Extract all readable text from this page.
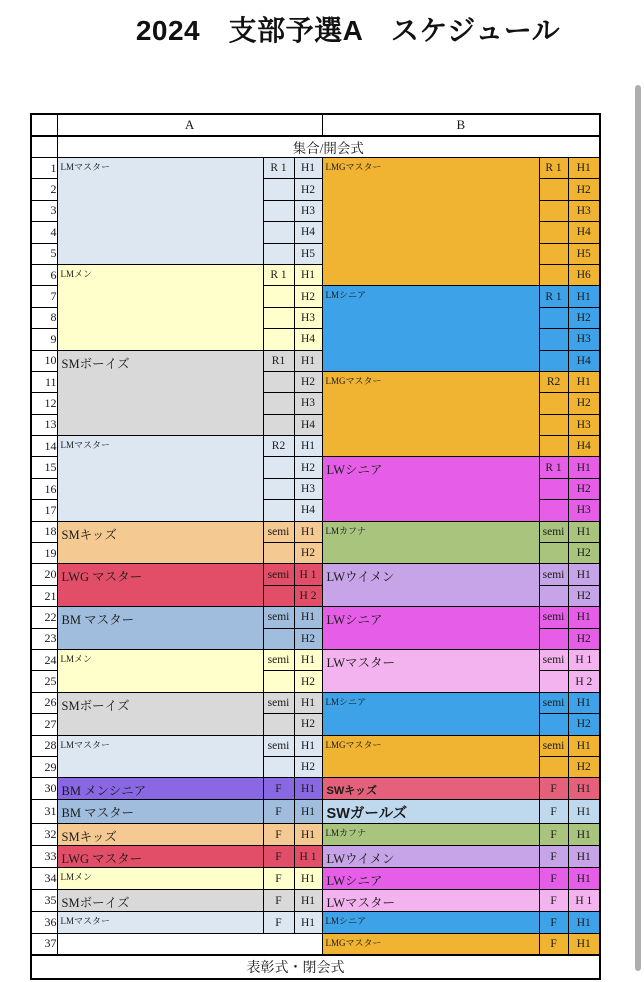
2024　支部予選A　スケジュール
	A			B		
	集合/開会式					
1	LMマスター	R 1	H1	LMGマスター	R 1	H1
2			H2			H2
3			H3			H3
4			H4			H4
5			H5			H5
6	LMメン	R 1	H1			H6
7			H2	LMシニア	R 1	H1
8			H3			H2
9			H4			H3
10	SMボーイズ	R1	H1			H4
11			H2	LMGマスター	R2	H1
12			H3			H2
13			H4			H3
14	LMマスター	R2	H1			H4
15			H2	LWシニア	R 1	H1
16			H3			H2
17			H4			H3
18	SMキッズ	semi	H1	LMカフナ	semi	H1
19			H2			H2
20	LWG マスター	semi	H 1	LWウイメン	semi	H1
21			H 2			H2
22	BM マスター	semi	H1	LWシニア	semi	H1
23			H2			H2
24	LMメン	semi	H1	LWマスター	semi	H 1
25			H2			H 2
26	SMボーイズ	semi	H1	LMシニア	semi	H1
27			H2			H2
28	LMマスター	semi	H1	LMGマスター	semi	H1
29			H2			H2
30	BM メンシニア	F	H1	SWキッズ	F	H1
31	BM マスター	F	H1	SWガールズ	F	H1
32	SMキッズ	F	H1	LMカフナ	F	H1
33	LWG マスター	F	H 1	LWウイメン	F	H1
34	LMメン	F	H1	LWシニア	F	H1
35	SMボーイズ	F	H1	LWマスター	F	H 1
36	LMマスター	F	H1	LMシニア	F	H1
37				LMGマスター	F	H1
表彰式・閉会式						
